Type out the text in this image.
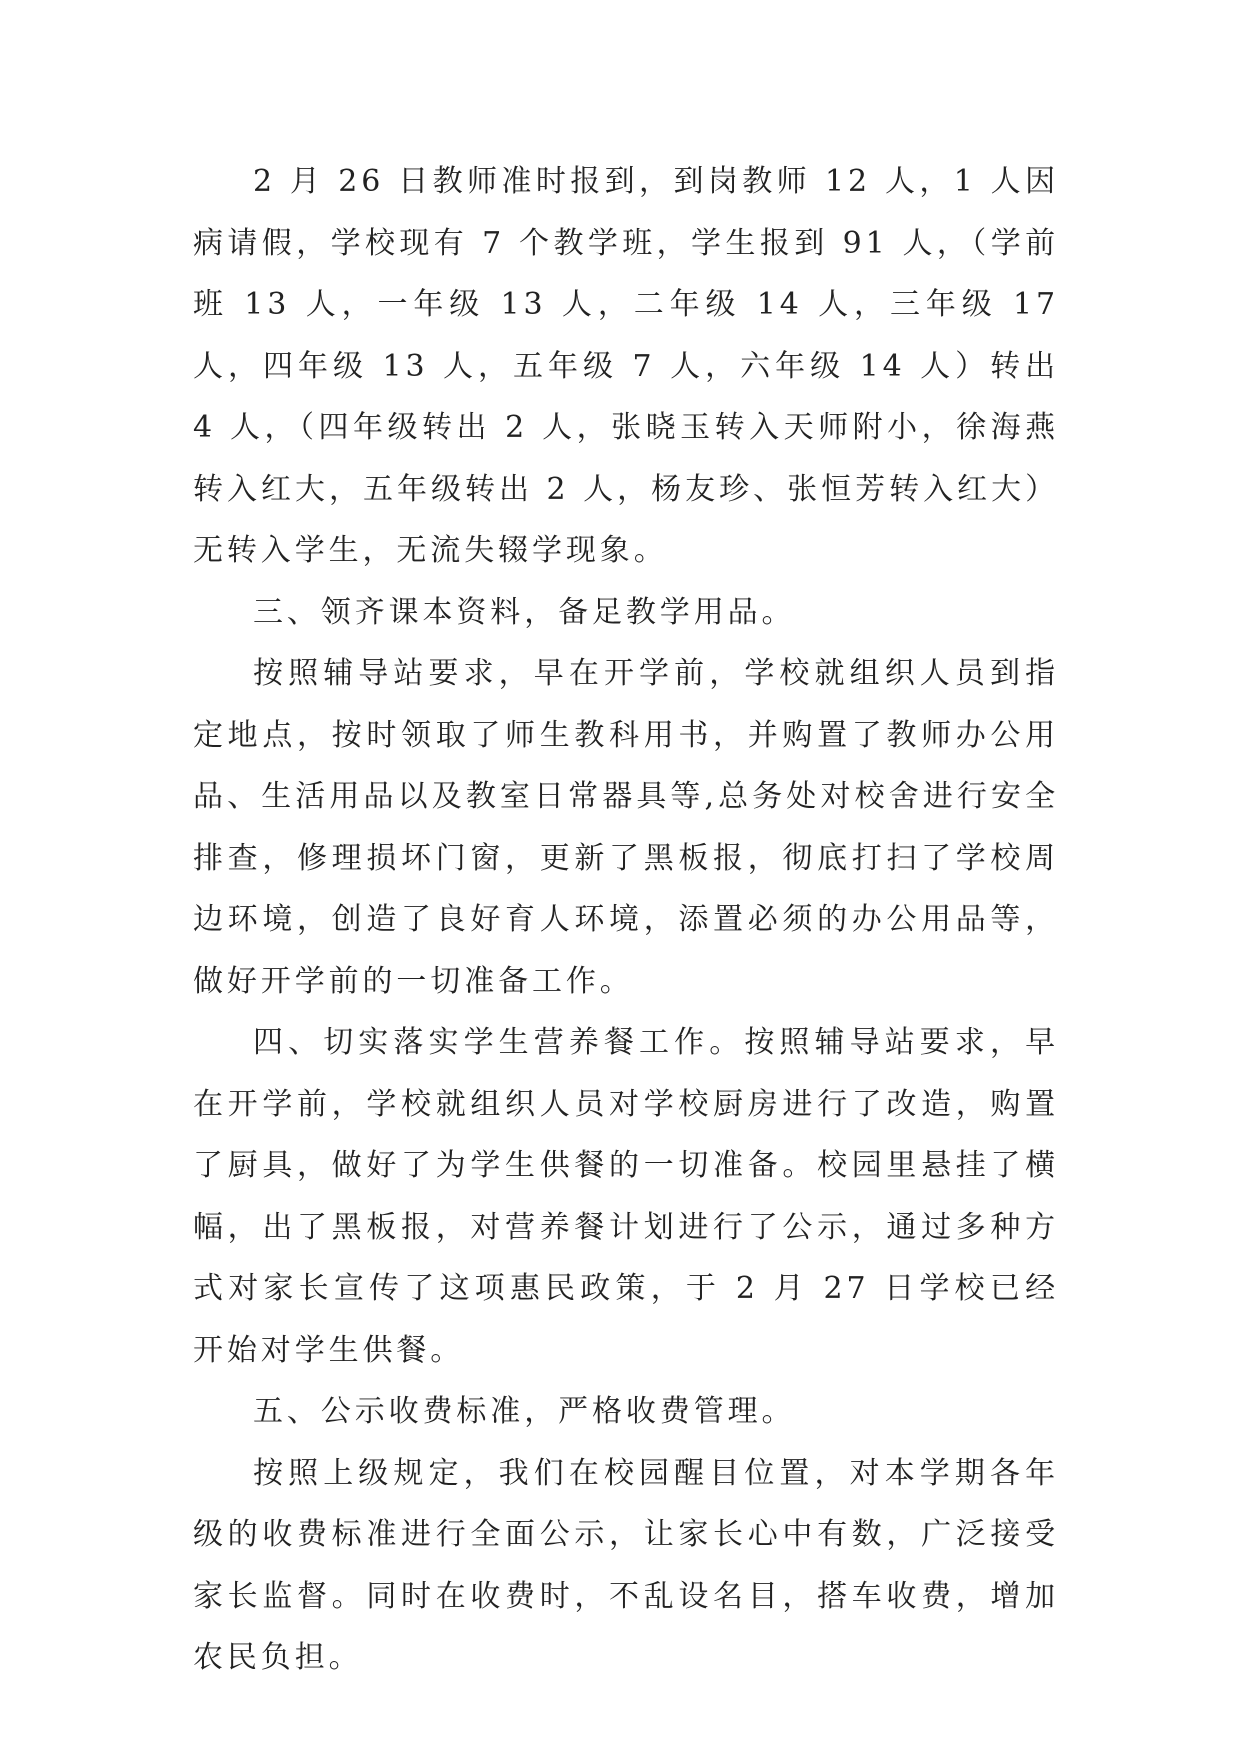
2 月 26 日教师准时报到，到岗教师 12 人，1 人因病请假，学校现有 7 个教学班，学生报到 91 人，（学前班 13 人，一年级 13 人，二年级 14 人，三年级 17 人，四年级 13 人，五年级 7 人，六年级 14 人）转出 4 人，（四年级转出 2 人，张晓玉转入天师附小，徐海燕转入红大，五年级转出 2 人，杨友珍、张恒芳转入红大）无转入学生，无流失辍学现象。

三、领齐课本资料，备足教学用品。

按照辅导站要求，早在开学前，学校就组织人员到指定地点，按时领取了师生教科用书，并购置了教师办公用品、生活用品以及教室日常器具等,总务处对校舍进行安全排查，修理损坏门窗，更新了黑板报，彻底打扫了学校周边环境，创造了良好育人环境，添置必须的办公用品等，做好开学前的一切准备工作。

四、切实落实学生营养餐工作。按照辅导站要求，早在开学前，学校就组织人员对学校厨房进行了改造，购置了厨具，做好了为学生供餐的一切准备。校园里悬挂了横幅，出了黑板报，对营养餐计划进行了公示，通过多种方式对家长宣传了这项惠民政策，于 2 月 27 日学校已经开始对学生供餐。

五、公示收费标准，严格收费管理。

按照上级规定，我们在校园醒目位置，对本学期各年级的收费标准进行全面公示，让家长心中有数，广泛接受家长监督。同时在收费时，不乱设名目，搭车收费，增加农民负担。
